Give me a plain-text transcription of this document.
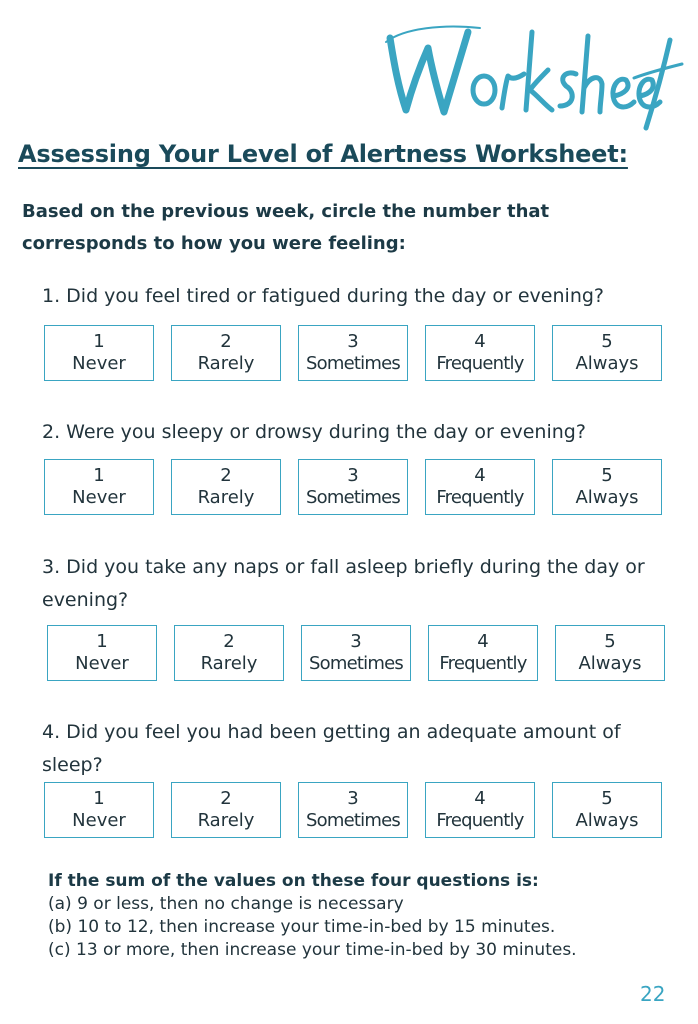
Assessing Your Level of Alertness Worksheet:
Based on the previous week, circle the number that
corresponds to how you were feeling:
1. Did you feel tired or fatigued during the day or evening?
1
Never
2
Rarely
3
Sometimes
4
Frequently
5
Always
2. Were you sleepy or drowsy during the day or evening?
1
Never
2
Rarely
3
Sometimes
4
Frequently
5
Always
3. Did you take any naps or fall asleep briefly during the day or evening?
1
Never
2
Rarely
3
Sometimes
4
Frequently
5
Always
4. Did you feel you had been getting an adequate amount of sleep?
1
Never
2
Rarely
3
Sometimes
4
Frequently
5
Always
If the sum of the values on these four questions is:
(a) 9 or less, then no change is necessary
(b) 10 to 12, then increase your time-in-bed by 15 minutes.
(c) 13 or more, then increase your time-in-bed by 30 minutes.
22
